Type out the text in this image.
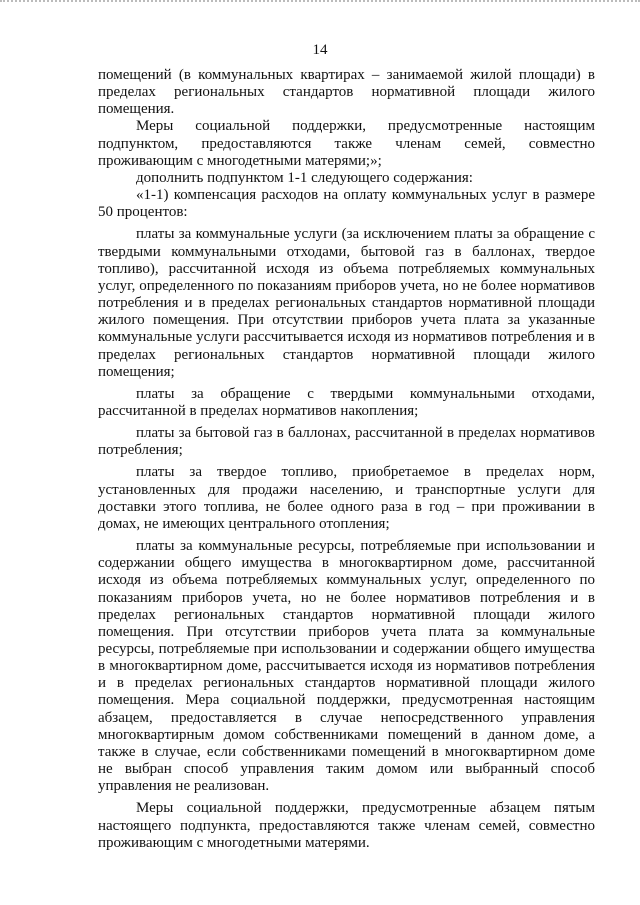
14

помещений (в коммунальных квартирах – занимаемой жилой площади) в пределах региональных стандартов нормативной площади жилого помещения.

Меры социальной поддержки, предусмотренные настоящим подпунктом, предоставляются также членам семей, совместно проживающим с многодетными матерями;»;

дополнить подпунктом 1-1 следующего содержания:

«1-1) компенсация расходов на оплату коммунальных услуг в размере 50 процентов:

платы за коммунальные услуги (за исключением платы за обращение с твердыми коммунальными отходами, бытовой газ в баллонах, твердое топливо), рассчитанной исходя из объема потребляемых коммунальных услуг, определенного по показаниям приборов учета, но не более нормативов потребления и в пределах региональных стандартов нормативной площади жилого помещения. При отсутствии приборов учета плата за указанные коммунальные услуги рассчитывается исходя из нормативов потребления и в пределах региональных стандартов нормативной площади жилого помещения;

платы за обращение с твердыми коммунальными отходами, рассчитанной в пределах нормативов накопления;

платы за бытовой газ в баллонах, рассчитанной в пределах нормативов потребления;

платы за твердое топливо, приобретаемое в пределах норм, установленных для продажи населению, и транспортные услуги для доставки этого топлива, не более одного раза в год – при проживании в домах, не имеющих центрального отопления;

платы за коммунальные ресурсы, потребляемые при использовании и содержании общего имущества в многоквартирном доме, рассчитанной исходя из объема потребляемых коммунальных услуг, определенного по показаниям приборов учета, но не более нормативов потребления и в пределах региональных стандартов нормативной площади жилого помещения. При отсутствии приборов учета плата за коммунальные ресурсы, потребляемые при использовании и содержании общего имущества в многоквартирном доме, рассчитывается исходя из нормативов потребления и в пределах региональных стандартов нормативной площади жилого помещения. Мера социальной поддержки, предусмотренная настоящим абзацем, предоставляется в случае непосредственного управления многоквартирным домом собственниками помещений в данном доме, а также в случае, если собственниками помещений в многоквартирном доме не выбран способ управления таким домом или выбранный способ управления не реализован.

Меры социальной поддержки, предусмотренные абзацем пятым настоящего подпункта, предоставляются также членам семей, совместно проживающим с многодетными матерями.
